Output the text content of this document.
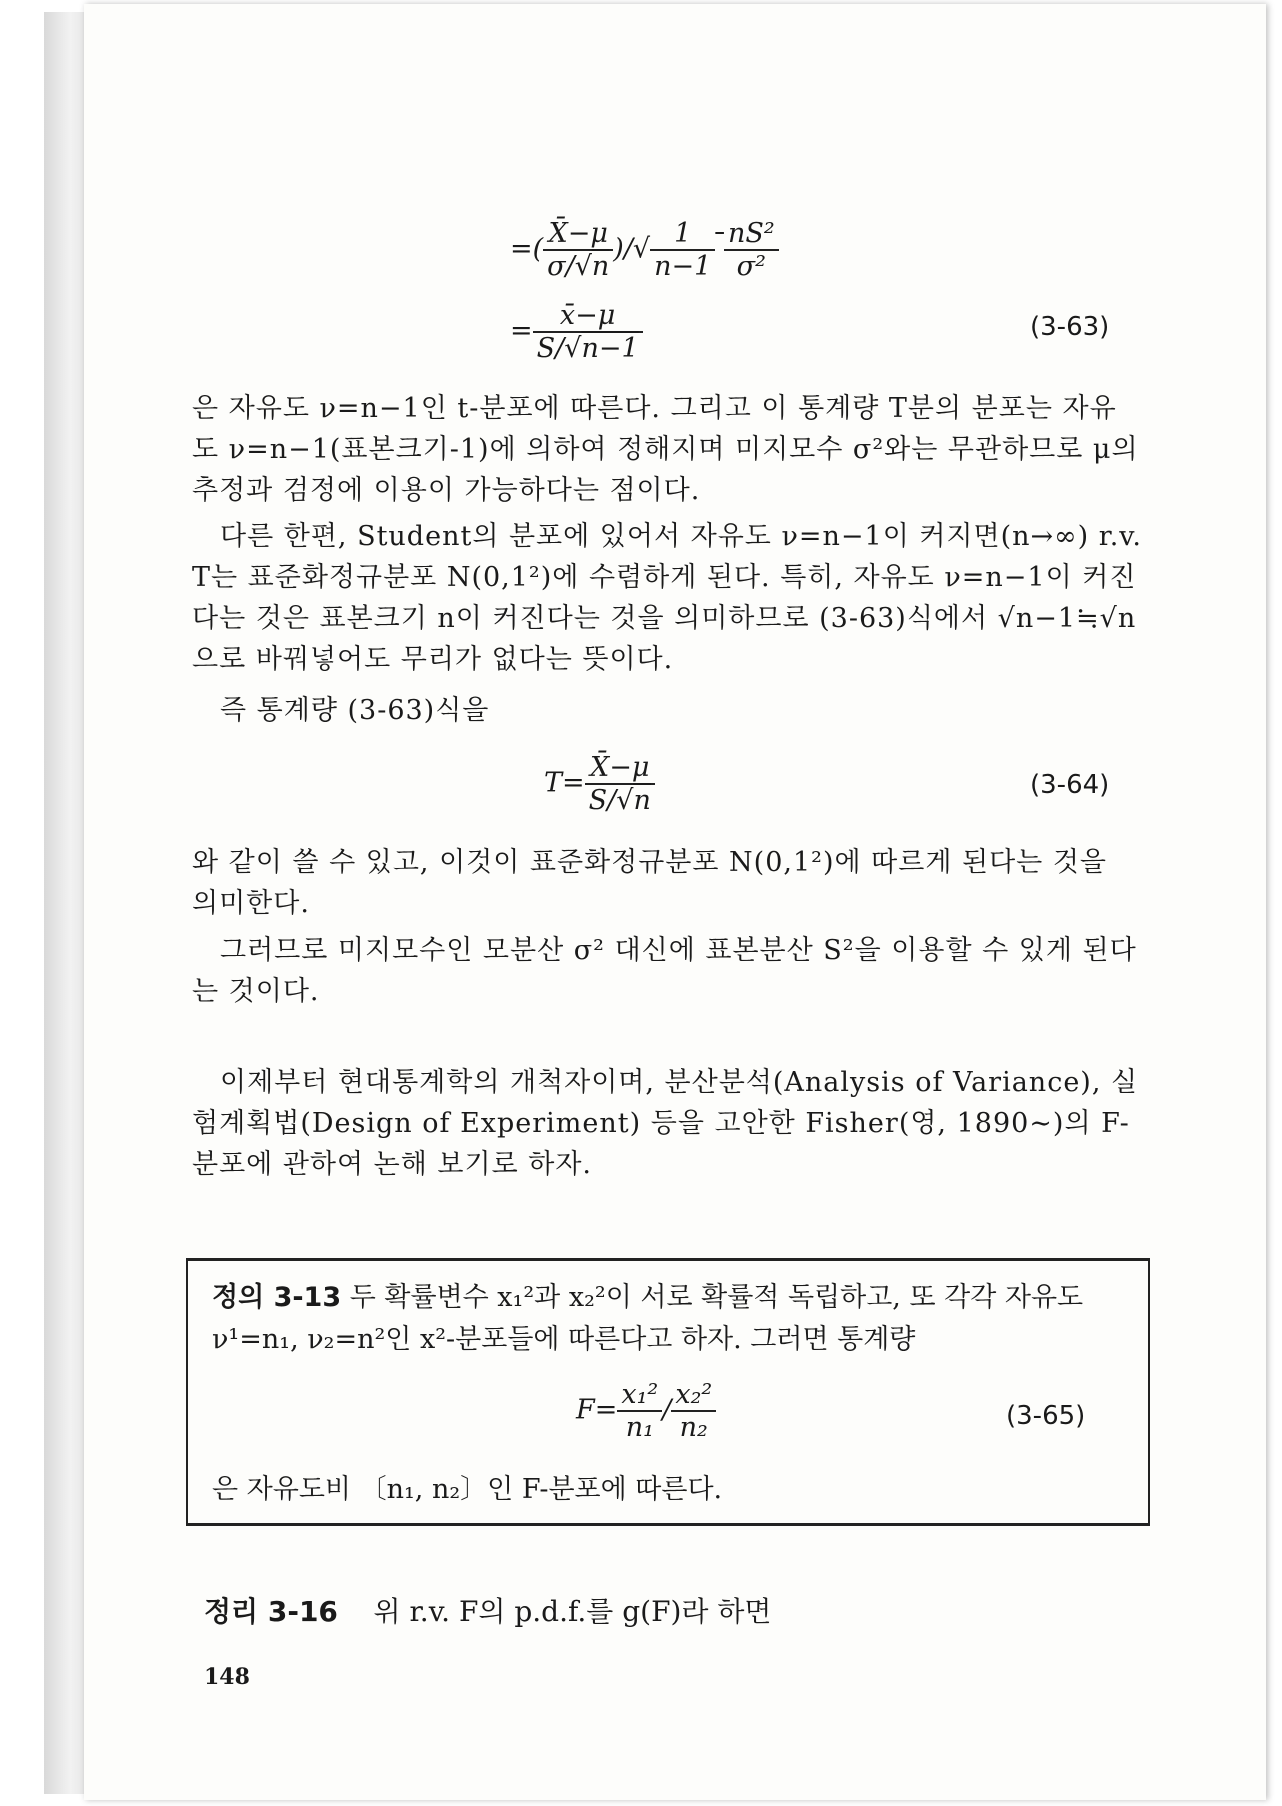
=( $\frac{X̄-\mu}{\sigma/√n}$ )/√ $\frac{1}{n-1}$
$\frac{\text{nS²}}{\text{σ²}}$
= $\frac{x̄-\mu}{S/√n-1}$	(3-63)
은 자유도 ν=n−1인 t-분포에 따른다. 그리고 이 통계량 T분의 분포는 자유도 ν=n−1(표본크기-1)에 의하여 정해지며 미지모수 σ²와는 무관하므로 μ의 추정과 검정에 이용이 가능하다는 점이다.
다른 한편, Student의 분포에 있어서 자유도 ν=n−1이 커지면(n→∞) r.v. T는 표준화정규분포 N(0,1²)에 수렴하게 된다. 특히, 자유도 ν=n−1이 커진다는 것은 표본크기 n이 커진다는 것을 의미하므로 (3-63)식에서 √n−1≒√n으로 바꿔넣어도 무리가 없다는 뜻이다.
즉 통계량 (3-63)식을
$T= \frac{X̄-\mu}{S/√n}$	(3-64)
와 같이 쓸 수 있고, 이것이 표준화정규분포 N(0,1²)에 따르게 된다는 것을 의미한다.
그러므로 미지모수인 모분산 σ² 대신에 표본분산 S²을 이용할 수 있게 된다는 것이다.
이제부터 현대통계학의 개척자이며, 분산분석(Analysis of Variance), 실험계획법(Design of Experiment) 등을 고안한 Fisher(영, 1890∼)의 F-분포에 관하여 논해 보기로 하자.
정의 3-13 두 확률변수 x₁²과 x₂²이 서로 확률적 독립하고, 또 각각 자유도 ν¹=n₁, ν₂=n²인 x²-분포들에 따른다고 하자. 그러면 통계량
$F= \frac{\text{x₁²}}{\text{n₁}} / \frac{\text{x₂²}}{\text{n₂}}$	(3-65)
은 자유도비 〔n₁, n₂〕인 F-분포에 따른다.
정리 3-16 위 r.v. F의 p.d.f.를 g(F)라 하면
148
